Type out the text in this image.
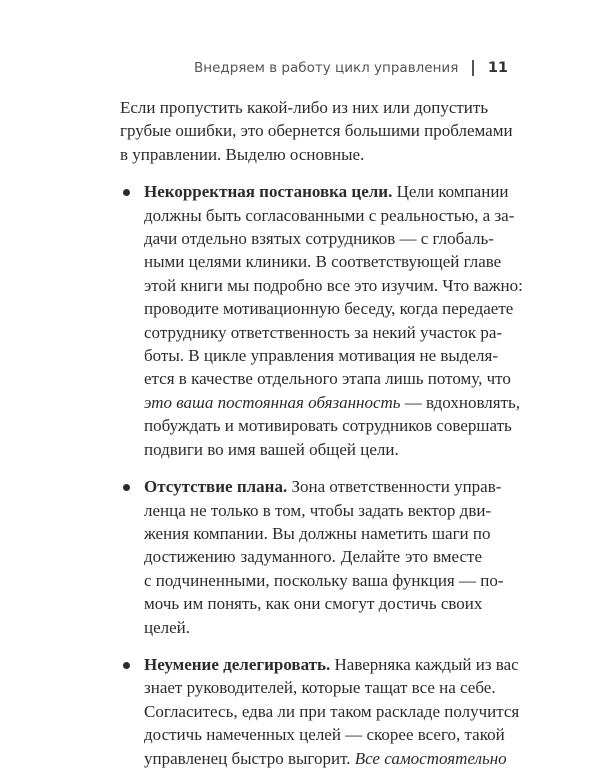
Внедряем в работу цикл управления 11

Если пропустить какой-либо из них или допустить
грубые ошибки, это обернется большими проблемами
в управлении. Выделю основные.

Некорректная постановка цели. Цели компании
должны быть согласованными с реальностью, а за-
дачи отдельно взятых сотрудников — с глобаль-
ными целями клиники. В соответствующей главе
этой книги мы подробно все это изучим. Что важно:
проводите мотивационную беседу, когда передаете
сотруднику ответственность за некий участок ра-
боты. В цикле управления мотивация не выделя-
ется в качестве отдельного этапа лишь потому, что
это ваша постоянная обязанность — вдохновлять,
побуждать и мотивировать сотрудников совершать
подвиги во имя вашей общей цели.
Отсутствие плана. Зона ответственности управ-
ленца не только в том, чтобы задать вектор дви-
жения компании. Вы должны наметить шаги по
достижению задуманного. Делайте это вместе
с подчиненными, поскольку ваша функция — по-
мочь им понять, как они смогут достичь своих
целей.
Неумение делегировать. Наверняка каждый из вас
знает руководителей, которые тащат все на себе.
Согласитесь, едва ли при таком раскладе получится
достичь намеченных целей — скорее всего, такой
управленец быстро выгорит. Все самостоятельно
